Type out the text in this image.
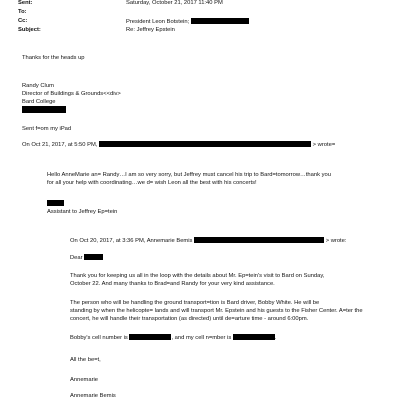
Sent:	Saturday, October 21, 2017 11:40 PM
To:
Cc:	President Leon Botstein;
Subject:	Re: Jeffrey Epstein
Thanks for the heads up
Randy Clum
Director of Buildings & Grounds<<div>
Bard College
Sent f=om my iPad
On Oct 21, 2017, at 5:50 PM,	> wrote=
Hello AnneMarie an= Randy…I am so very sorry, but Jeffrey must cancel his trip to Bard=tomorrow…thank you
for all your help with coordinating…we d= wish Leon all the best with his concerts!
Assistant to Jeffrey Ep=tein
On Oct 20, 2017, at 3:36 PM, Annemarie Bemis	> wrote:
Dear
Thank you for keeping us all in the loop with the details about Mr. Ep=tein's visit to Bard on Sunday,
October 22. And many thanks to Brad=and Randy for your very kind assistance.
The person who will be handling the ground transport=tion is Bard driver, Bobby White. He will be
standing by when the helicopte= lands and will transport Mr. Epstein and his guests to the Fisher Center. A=ter the
concert, he will handle their transportation (as directed) until de=arture time - around 6:00pm.
Bobby's cell number is	, and my cell n=mber is	.
All the be=t,
Annemarie
Annemarie Bemis
